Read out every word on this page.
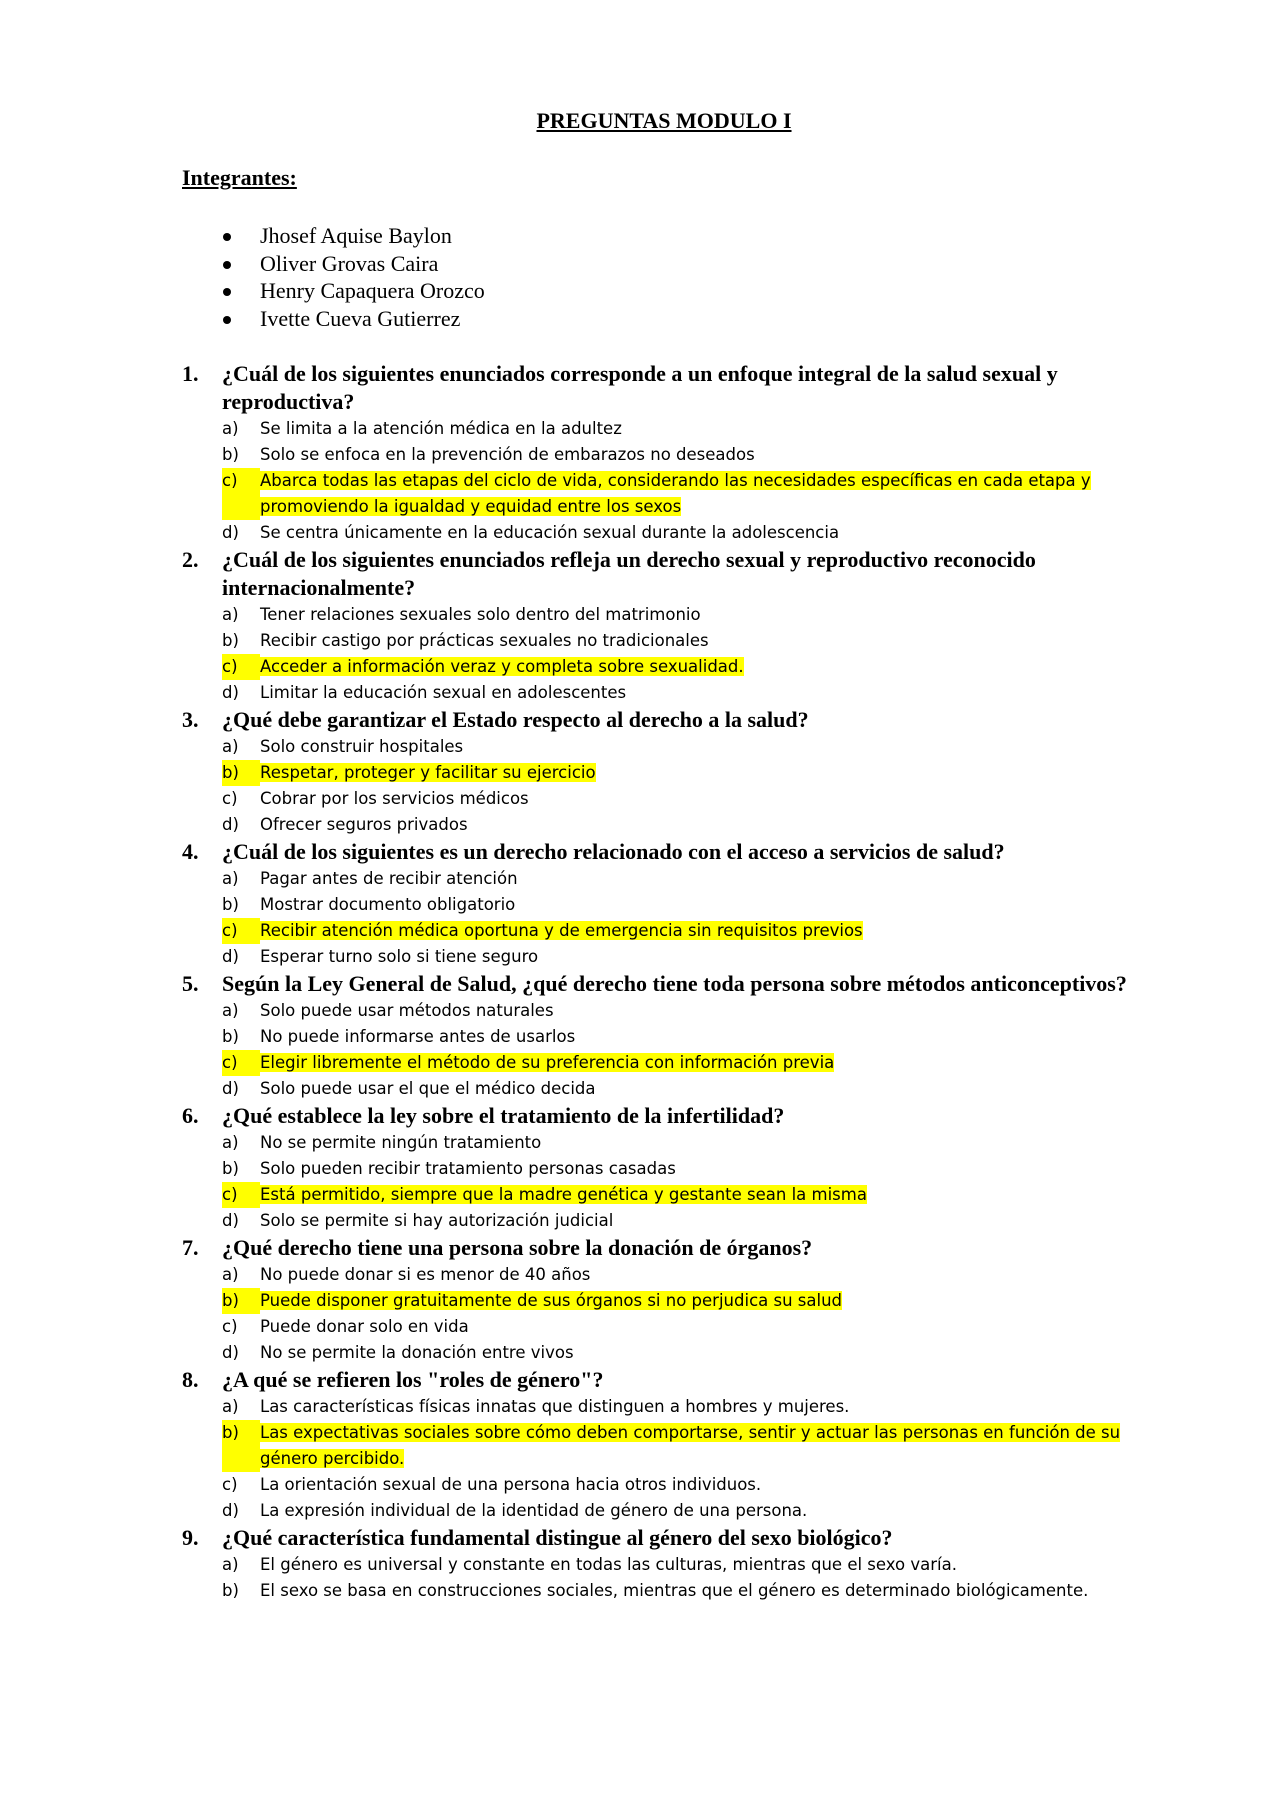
PREGUNTAS MODULO I
Integrantes:
Jhosef Aquise Baylon
Oliver Grovas Caira
Henry Capaquera Orozco
Ivette Cueva Gutierrez
1.	¿Cuál de los siguientes enunciados corresponde a un enfoque integral de la salud sexual y reproductiva?
a)	Se limita a la atención médica en la adultez
b)	Solo se enfoca en la prevención de embarazos no deseados
c)	Abarca todas las etapas del ciclo de vida, considerando las necesidades específicas en cada etapa y promoviendo la igualdad y equidad entre los sexos
d)	Se centra únicamente en la educación sexual durante la adolescencia
2.	¿Cuál de los siguientes enunciados refleja un derecho sexual y reproductivo reconocido internacionalmente?
a)	Tener relaciones sexuales solo dentro del matrimonio
b)	Recibir castigo por prácticas sexuales no tradicionales
c)	Acceder a información veraz y completa sobre sexualidad.
d)	Limitar la educación sexual en adolescentes
3.	¿Qué debe garantizar el Estado respecto al derecho a la salud?
a)	Solo construir hospitales
b)	Respetar, proteger y facilitar su ejercicio
c)	Cobrar por los servicios médicos
d)	Ofrecer seguros privados
4.	¿Cuál de los siguientes es un derecho relacionado con el acceso a servicios de salud?
a)	Pagar antes de recibir atención
b)	Mostrar documento obligatorio
c)	Recibir atención médica oportuna y de emergencia sin requisitos previos
d)	Esperar turno solo si tiene seguro
5.	Según la Ley General de Salud, ¿qué derecho tiene toda persona sobre métodos anticonceptivos?
a)	Solo puede usar métodos naturales
b)	No puede informarse antes de usarlos
c)	Elegir libremente el método de su preferencia con información previa
d)	Solo puede usar el que el médico decida
6.	¿Qué establece la ley sobre el tratamiento de la infertilidad?
a)	No se permite ningún tratamiento
b)	Solo pueden recibir tratamiento personas casadas
c)	Está permitido, siempre que la madre genética y gestante sean la misma
d)	Solo se permite si hay autorización judicial
7.	¿Qué derecho tiene una persona sobre la donación de órganos?
a)	No puede donar si es menor de 40 años
b)	Puede disponer gratuitamente de sus órganos si no perjudica su salud
c)	Puede donar solo en vida
d)	No se permite la donación entre vivos
8.	¿A qué se refieren los "roles de género"?
a)	Las características físicas innatas que distinguen a hombres y mujeres.
b)	Las expectativas sociales sobre cómo deben comportarse, sentir y actuar las personas en función de su género percibido.
c)	La orientación sexual de una persona hacia otros individuos.
d)	La expresión individual de la identidad de género de una persona.
9.	¿Qué característica fundamental distingue al género del sexo biológico?
a)	El género es universal y constante en todas las culturas, mientras que el sexo varía.
b)	El sexo se basa en construcciones sociales, mientras que el género es determinado biológicamente.
